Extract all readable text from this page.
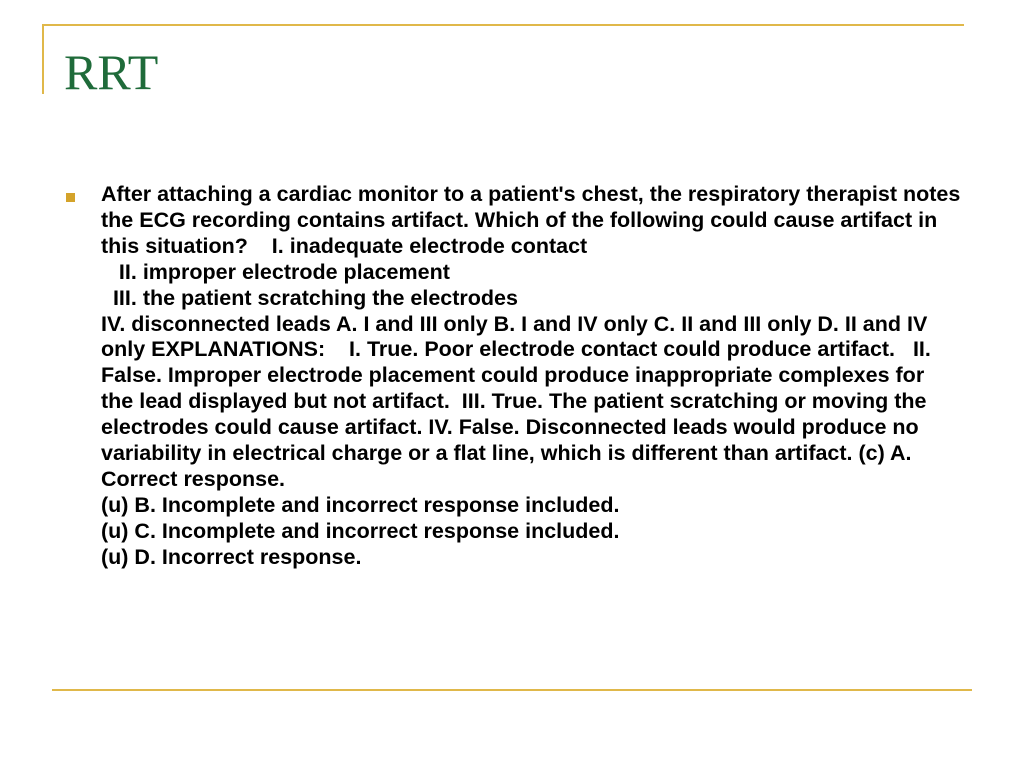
RRT

After attaching a cardiac monitor to a patient's chest, the respiratory therapist notes the ECG recording contains artifact. Which of the following could cause artifact in this situation?    I. inadequate electrode contact
II. improper electrode placement
III. the patient scratching the electrodes
IV. disconnected leads A. I and III only B. I and IV only C. II and III only D. II and IV only EXPLANATIONS:    I. True. Poor electrode contact could produce artifact.   II. False. Improper electrode placement could produce inappropriate complexes for the lead displayed but not artifact.  III. True. The patient scratching or moving the electrodes could cause artifact. IV. False. Disconnected leads would produce no variability in electrical charge or a flat line, which is different than artifact. (c) A. Correct response.
(u) B. Incomplete and incorrect response included.
(u) C. Incomplete and incorrect response included.
(u) D. Incorrect response.
